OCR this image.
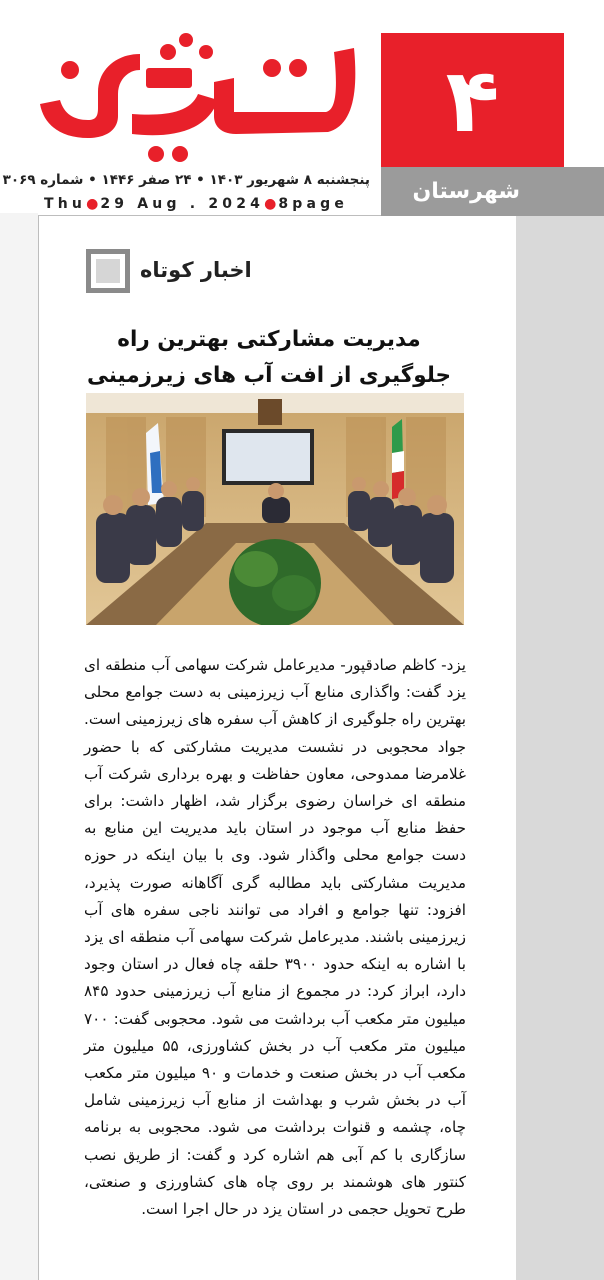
۴
شهرستان
پنجشنبه ۸ شهریور ۱۴۰۳ • ۲۴ صفر ۱۴۴۶ • شماره ۳۰۶۹
Thu●29 Aug . 2024●8page
اخبار کوتاه
مدیریت مشارکتی بهترین راه جلوگیری از افت آب های زیرزمینی
یزد- کاظم صادقپور- مدیرعامل شرکت سهامی آب منطقه ای یزد گفت: واگذاری منابع آب زیرزمینی به دست جوامع محلی بهترین راه جلوگیری از کاهش آب سفره های زیرزمینی است. جواد محجوبی در نشست مدیریت مشارکتی که با حضور غلامرضا ممدوحی، معاون حفاظت و بهره برداری شرکت آب منطقه ای خراسان رضوی برگزار شد، اظهار داشت: برای حفظ منابع آب موجود در استان باید مدیریت این منابع به دست جوامع محلی واگذار شود. وی با بیان اینکه در حوزه مدیریت مشارکتی باید مطالبه گری آگاهانه صورت پذیرد، افزود: تنها جوامع و افراد می توانند ناجی سفره های آب زیرزمینی باشند. مدیرعامل شرکت سهامی آب منطقه ای یزد با اشاره به اینکه حدود ۳۹۰۰ حلقه چاه فعال در استان وجود دارد، ابراز کرد: در مجموع از منابع آب زیرزمینی حدود ۸۴۵ میلیون متر مکعب آب برداشت می شود. محجوبی گفت: ۷۰۰ میلیون متر مکعب آب در بخش کشاورزی، ۵۵ میلیون متر مکعب آب در بخش صنعت و خدمات و ۹۰ میلیون متر مکعب آب در بخش شرب و بهداشت از منابع آب زیرزمینی شامل چاه، چشمه و قنوات برداشت می شود. محجوبی به برنامه سازگاری با کم آبی هم اشاره کرد و گفت: از طریق نصب کنتور های هوشمند بر روی چاه های کشاورزی و صنعتی، طرح تحویل حجمی در استان یزد در حال اجرا است.
